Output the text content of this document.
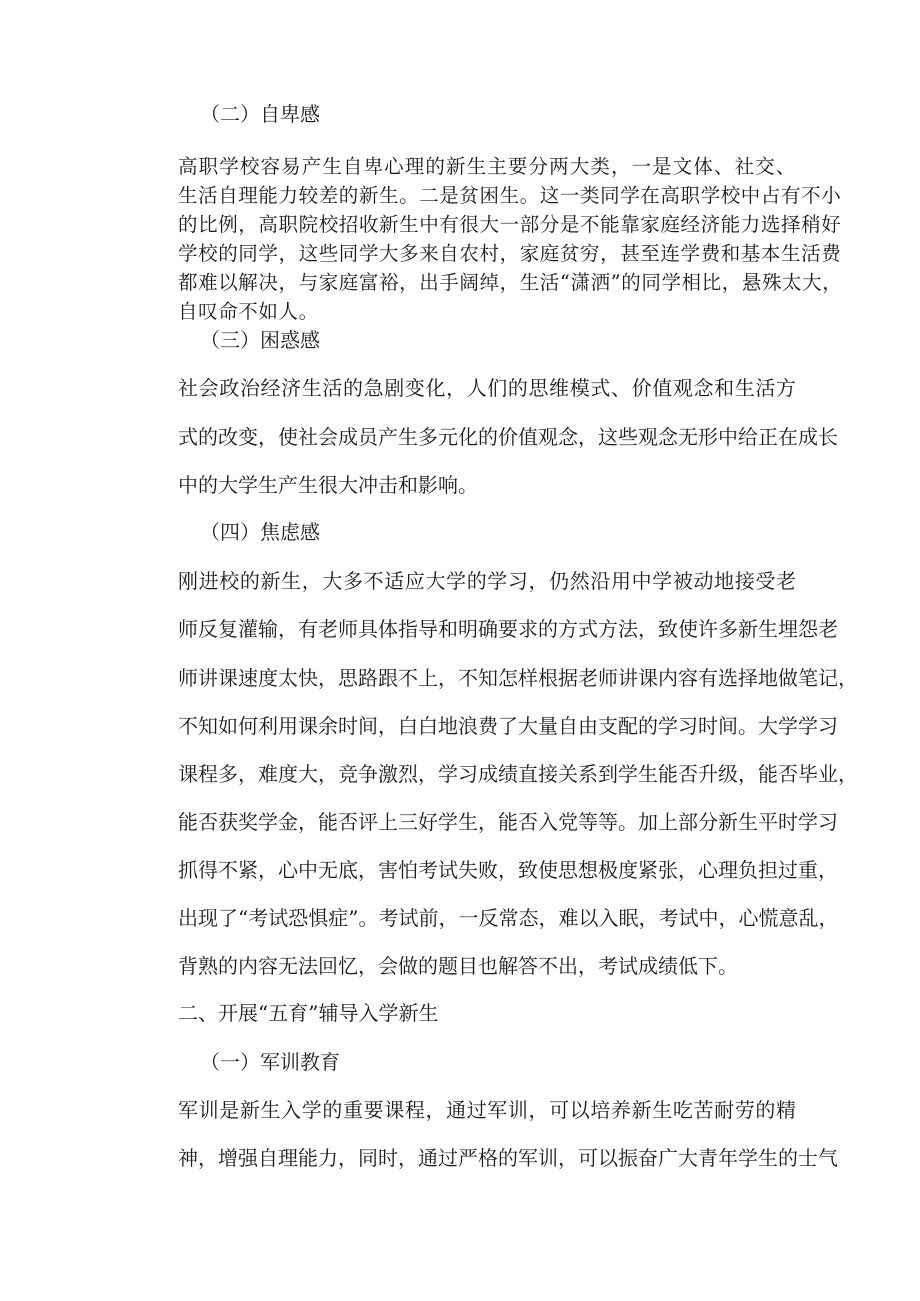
（二）自卑感
高职学校容易产生自卑心理的新生主要分两大类，一是文体、社交、
生活自理能力较差的新生。二是贫困生。这一类同学在高职学校中占有不小
的比例，高职院校招收新生中有很大一部分是不能靠家庭经济能力选择稍好
学校的同学，这些同学大多来自农村，家庭贫穷，甚至连学费和基本生活费
都难以解决，与家庭富裕，出手阔绰，生活“潇洒”的同学相比，悬殊太大，
自叹命不如人。
（三）困惑感
社会政治经济生活的急剧变化，人们的思维模式、价值观念和生活方
式的改变，使社会成员产生多元化的价值观念，这些观念无形中给正在成长
中的大学生产生很大冲击和影响。
（四）焦虑感
刚进校的新生，大多不适应大学的学习，仍然沿用中学被动地接受老
师反复灌输，有老师具体指导和明确要求的方式方法，致使许多新生埋怨老
师讲课速度太快，思路跟不上，不知怎样根据老师讲课内容有选择地做笔记，
不知如何利用课余时间，白白地浪费了大量自由支配的学习时间。大学学习
课程多，难度大，竞争激烈，学习成绩直接关系到学生能否升级，能否毕业，
能否获奖学金，能否评上三好学生，能否入党等等。加上部分新生平时学习
抓得不紧，心中无底，害怕考试失败，致使思想极度紧张，心理负担过重，
出现了“考试恐惧症”。考试前，一反常态，难以入眠，考试中，心慌意乱，
背熟的内容无法回忆，会做的题目也解答不出，考试成绩低下。
二、开展“五育”辅导入学新生
（一）军训教育
军训是新生入学的重要课程，通过军训，可以培养新生吃苦耐劳的精
神，增强自理能力，同时，通过严格的军训，可以振奋广大青年学生的士气
